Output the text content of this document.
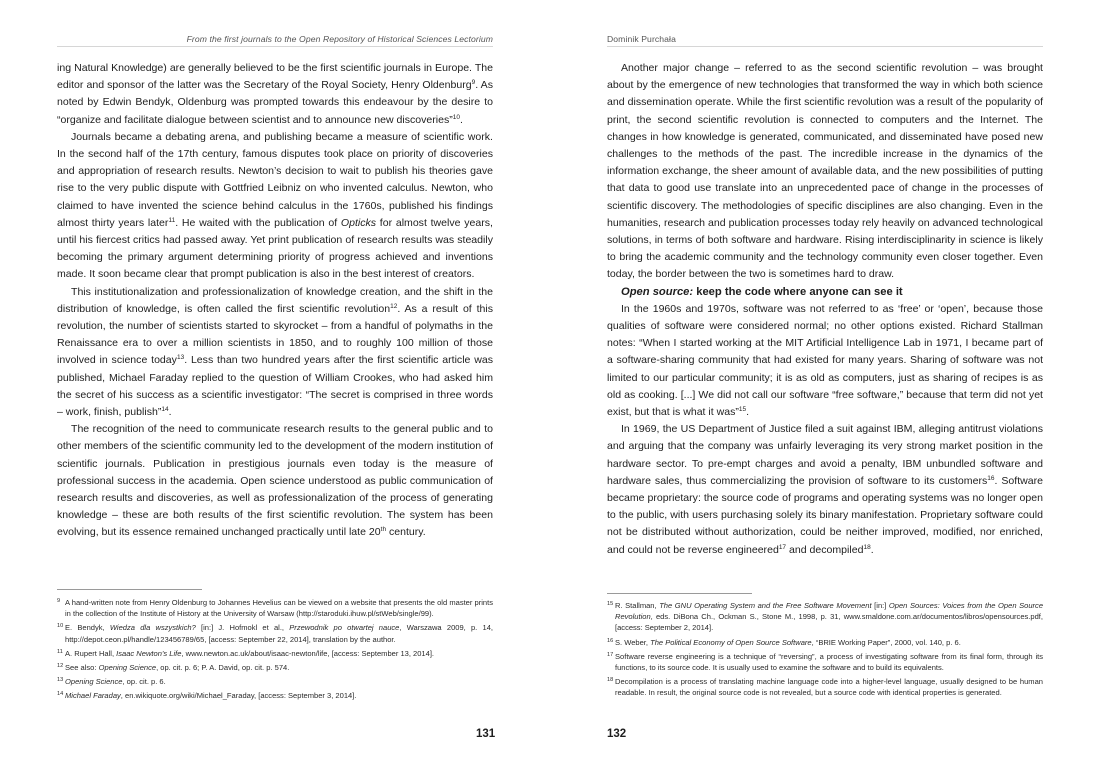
From the first journals to the Open Repository of Historical Sciences Lectorium

ing Natural Knowledge) are generally believed to be the first scientific journals in Europe. The editor and sponsor of the latter was the Secretary of the Royal Society, Henry Oldenburg$^9$. As noted by Edwin Bendyk, Oldenburg was prompted towards this endeavour by the desire to “organize and facilitate dialogue between scientist and to announce new discoveries”$^{10}$.

Journals became a debating arena, and publishing became a measure of scientific work. In the second half of the 17th century, famous disputes took place on priority of discoveries and appropriation of research results. Newton’s decision to wait to publish his theories gave rise to the very public dispute with Gottfried Leibniz on who invented calculus. Newton, who claimed to have invented the science behind calculus in the 1760s, published his findings almost thirty years later$^{11}$. He waited with the publication of Opticks for almost twelve years, until his fiercest critics had passed away. Yet print publication of research results was steadily becoming the primary argument determining priority of progress achieved and inventions made. It soon became clear that prompt publication is also in the best interest of creators.

This institutionalization and professionalization of knowledge creation, and the shift in the distribution of knowledge, is often called the first scientific revolution$^{12}$. As a result of this revolution, the number of scientists started to skyrocket – from a handful of polymaths in the Renaissance era to over a million scientists in 1850, and to roughly 100 million of those involved in science today$^{13}$. Less than two hundred years after the first scientific article was published, Michael Faraday replied to the question of William Crookes, who had asked him the secret of his success as a scientific investigator: “The secret is comprised in three words – work, finish, publish”$^{14}$.

The recognition of the need to communicate research results to the general public and to other members of the scientific community led to the development of the modern institution of scientific journals. Publication in prestigious journals even today is the measure of professional success in the academia. Open science understood as public communication of research results and discoveries, as well as professionalization of the process of generating knowledge – these are both results of the first scientific revolution. The system has been evolving, but its essence remained unchanged practically until late 20th century.

9 A hand-written note from Henry Oldenburg to Johannes Hevelius can be viewed on a website that presents the old master prints in the collection of the Institute of History at the University of Warsaw (http://staroduki.ihuw.pl/stWeb/single/99).
10 E. Bendyk, Wiedza dla wszystkich? [in:] J. Hofmokl et al., Przewodnik po otwartej nauce, Warszawa 2009, p. 14, http://depot.ceon.pl/handle/123456789/65, [access: September 22, 2014], translation by the author.
11 A. Rupert Hall, Isaac Newton’s Life, www.newton.ac.uk/about/isaac-newton/life, [access: September 13, 2014].
12 See also: Opening Science, op. cit. p. 6; P. A. David, op. cit. p. 574.
13 Opening Science, op. cit. p. 6.
14 Michael Faraday, en.wikiquote.org/wiki/Michael_Faraday, [access: September 3, 2014].
131
Dominik Purchała

Another major change – referred to as the second scientific revolution – was brought about by the emergence of new technologies that transformed the way in which both science and dissemination operate. While the first scientific revolution was a result of the popularity of print, the second scientific revolution is connected to computers and the Internet. The changes in how knowledge is generated, communicated, and disseminated have posed new challenges to the methods of the past. The incredible increase in the dynamics of the information exchange, the sheer amount of available data, and the new possibilities of putting that data to good use translate into an unprecedented pace of change in the processes of scientific discovery. The methodologies of specific disciplines are also changing. Even in the humanities, research and publication processes today rely heavily on advanced technological solutions, in terms of both software and hardware. Rising interdisciplinarity in science is likely to bring the academic community and the technology community even closer together. Even today, the border between the two is sometimes hard to draw.

Open source: keep the code where anyone can see it

In the 1960s and 1970s, software was not referred to as ‘free’ or ‘open’, because those qualities of software were considered normal; no other options existed. Richard Stallman notes: “When I started working at the MIT Artificial Intelligence Lab in 1971, I became part of a software-sharing community that had existed for many years. Sharing of software was not limited to our particular community; it is as old as computers, just as sharing of recipes is as old as cooking. [...] We did not call our software “free software,” because that term did not yet exist, but that is what it was”$^{15}$.

In 1969, the US Department of Justice filed a suit against IBM, alleging antitrust violations and arguing that the company was unfairly leveraging its very strong market position in the hardware sector. To pre-empt charges and avoid a penalty, IBM unbundled software and hardware sales, thus commercializing the provision of software to its customers$^{16}$. Software became proprietary: the source code of programs and operating systems was no longer open to the public, with users purchasing solely its binary manifestation. Proprietary software could not be distributed without authorization, could be neither improved, modified, nor enriched, and could not be reverse engineered$^{17}$ and decompiled$^{18}$.

15 R. Stallman, The GNU Operating System and the Free Software Movement [in:] Open Sources: Voices from the Open Source Revolution, eds. DiBona Ch., Ockman S., Stone M., 1998, p. 31, www.smaldone.com.ar/documentos/libros/opensources.pdf, [access: September 2, 2014].
16 S. Weber, The Political Economy of Open Source Software, “BRIE Working Paper”, 2000, vol. 140, p. 6.
17 Software reverse engineering is a technique of “reversing”, a process of investigating software from its final form, through its functions, to its source code. It is usually used to examine the software and to build its equivalents.
18 Decompilation is a process of translating machine language code into a higher-level language, usually designed to be human readable. In result, the original source code is not revealed, but a source code with identical properties is generated.
132
